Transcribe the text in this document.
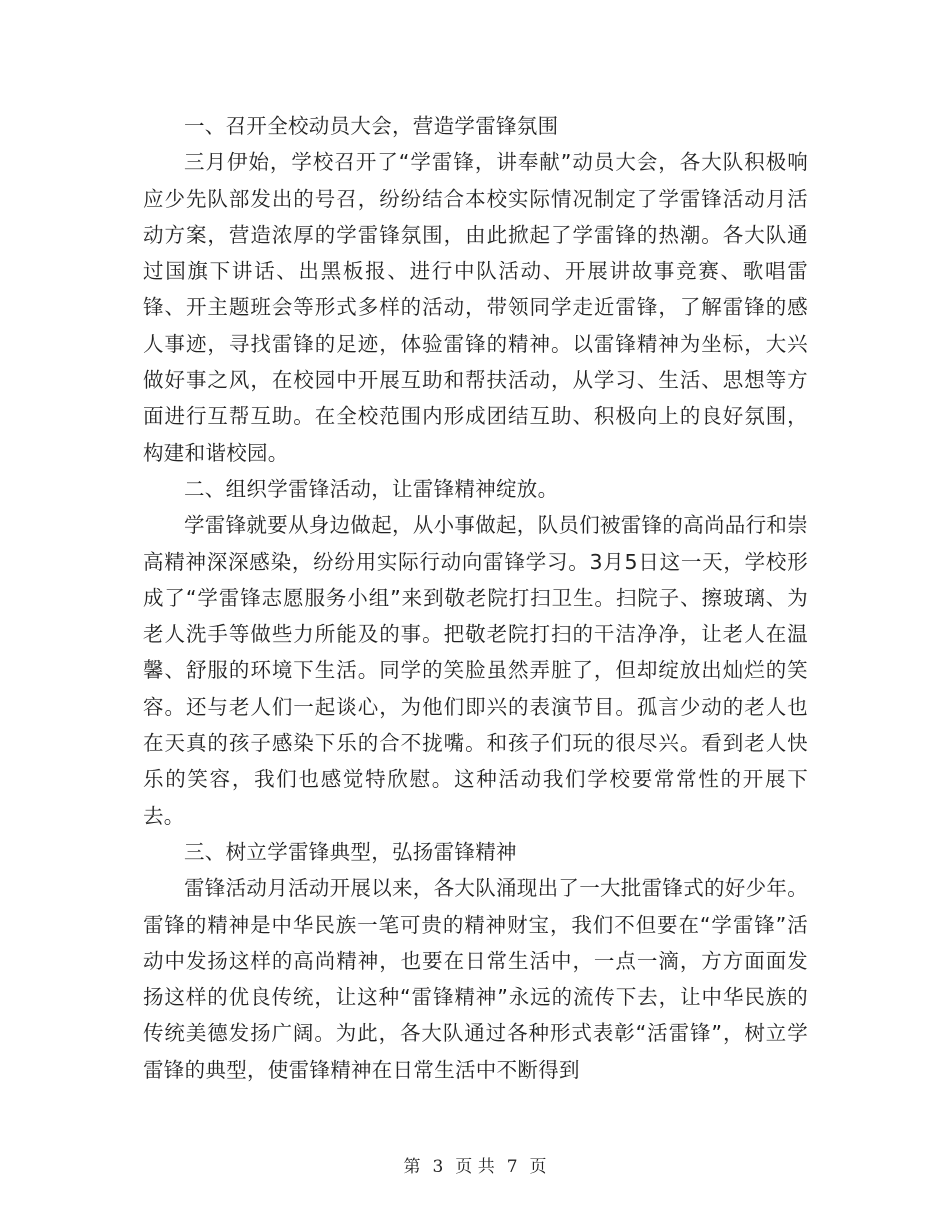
一、召开全校动员大会，营造学雷锋氛围

三月伊始，学校召开了“学雷锋，讲奉献”动员大会，各大队积极响应少先队部发出的号召，纷纷结合本校实际情况制定了学雷锋活动月活动方案，营造浓厚的学雷锋氛围，由此掀起了学雷锋的热潮。各大队通过国旗下讲话、出黑板报、进行中队活动、开展讲故事竞赛、歌唱雷锋、开主题班会等形式多样的活动，带领同学走近雷锋，了解雷锋的感人事迹，寻找雷锋的足迹，体验雷锋的精神。以雷锋精神为坐标，大兴做好事之风，在校园中开展互助和帮扶活动，从学习、生活、思想等方面进行互帮互助。在全校范围内形成团结互助、积极向上的良好氛围，构建和谐校园。

二、组织学雷锋活动，让雷锋精神绽放。

学雷锋就要从身边做起，从小事做起，队员们被雷锋的高尚品行和崇高精神深深感染，纷纷用实际行动向雷锋学习。3月5日这一天，学校形成了“学雷锋志愿服务小组”来到敬老院打扫卫生。扫院子、擦玻璃、为老人洗手等做些力所能及的事。把敬老院打扫的干洁净净，让老人在温馨、舒服的环境下生活。同学的笑脸虽然弄脏了，但却绽放出灿烂的笑容。还与老人们一起谈心，为他们即兴的表演节目。孤言少动的老人也在天真的孩子感染下乐的合不拢嘴。和孩子们玩的很尽兴。看到老人快乐的笑容，我们也感觉特欣慰。这种活动我们学校要常常性的开展下去。

三、树立学雷锋典型，弘扬雷锋精神

雷锋活动月活动开展以来，各大队涌现出了一大批雷锋式的好少年。雷锋的精神是中华民族一笔可贵的精神财宝，我们不但要在“学雷锋”活动中发扬这样的高尚精神，也要在日常生活中，一点一滴，方方面面发扬这样的优良传统，让这种“雷锋精神”永远的流传下去，让中华民族的传统美德发扬广阔。为此，各大队通过各种形式表彰“活雷锋”，树立学雷锋的典型，使雷锋精神在日常生活中不断得到

第 3 页 共 7 页
